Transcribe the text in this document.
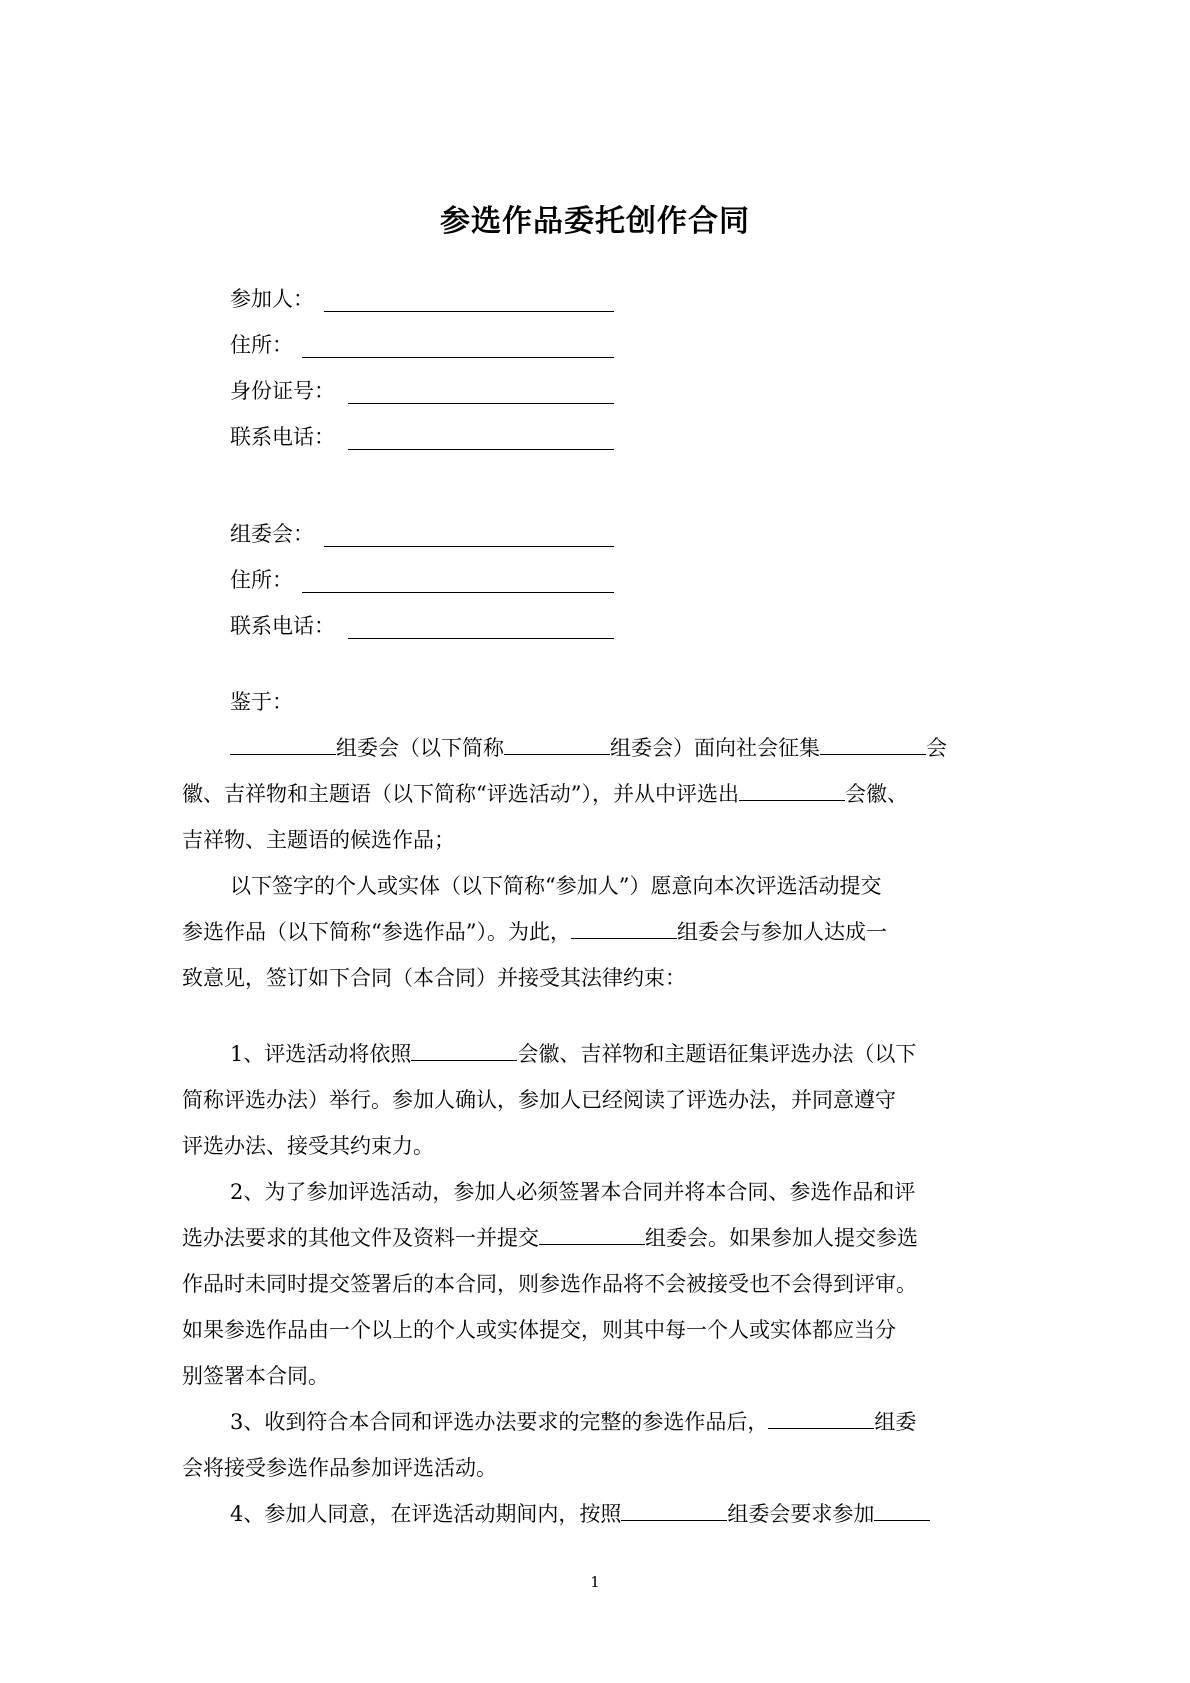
参选作品委托创作合同
参加人：
住所：
身份证号：
联系电话：
组委会：
住所：
联系电话：
鉴于：
组委会（以下简称	组委会）面向社会征集	会
徽、吉祥物和主题语（以下简称“评选活动”），并从中评选出	会徽、
吉祥物、主题语的候选作品；
以下签字的个人或实体（以下简称“参加人”）愿意向本次评选活动提交
参选作品（以下简称“参选作品”）。为此，	组委会与参加人达成一
致意见，签订如下合同（本合同）并接受其法律约束：
1、评选活动将依照	会徽、吉祥物和主题语征集评选办法（以下
简称评选办法）举行。参加人确认，参加人已经阅读了评选办法，并同意遵守
评选办法、接受其约束力。
2、为了参加评选活动，参加人必须签署本合同并将本合同、参选作品和评
选办法要求的其他文件及资料一并提交	组委会。如果参加人提交参选
作品时未同时提交签署后的本合同，则参选作品将不会被接受也不会得到评审。
如果参选作品由一个以上的个人或实体提交，则其中每一个人或实体都应当分
别签署本合同。
3、收到符合本合同和评选办法要求的完整的参选作品后，	组委
会将接受参选作品参加评选活动。
4、参加人同意，在评选活动期间内，按照	组委会要求参加
1
